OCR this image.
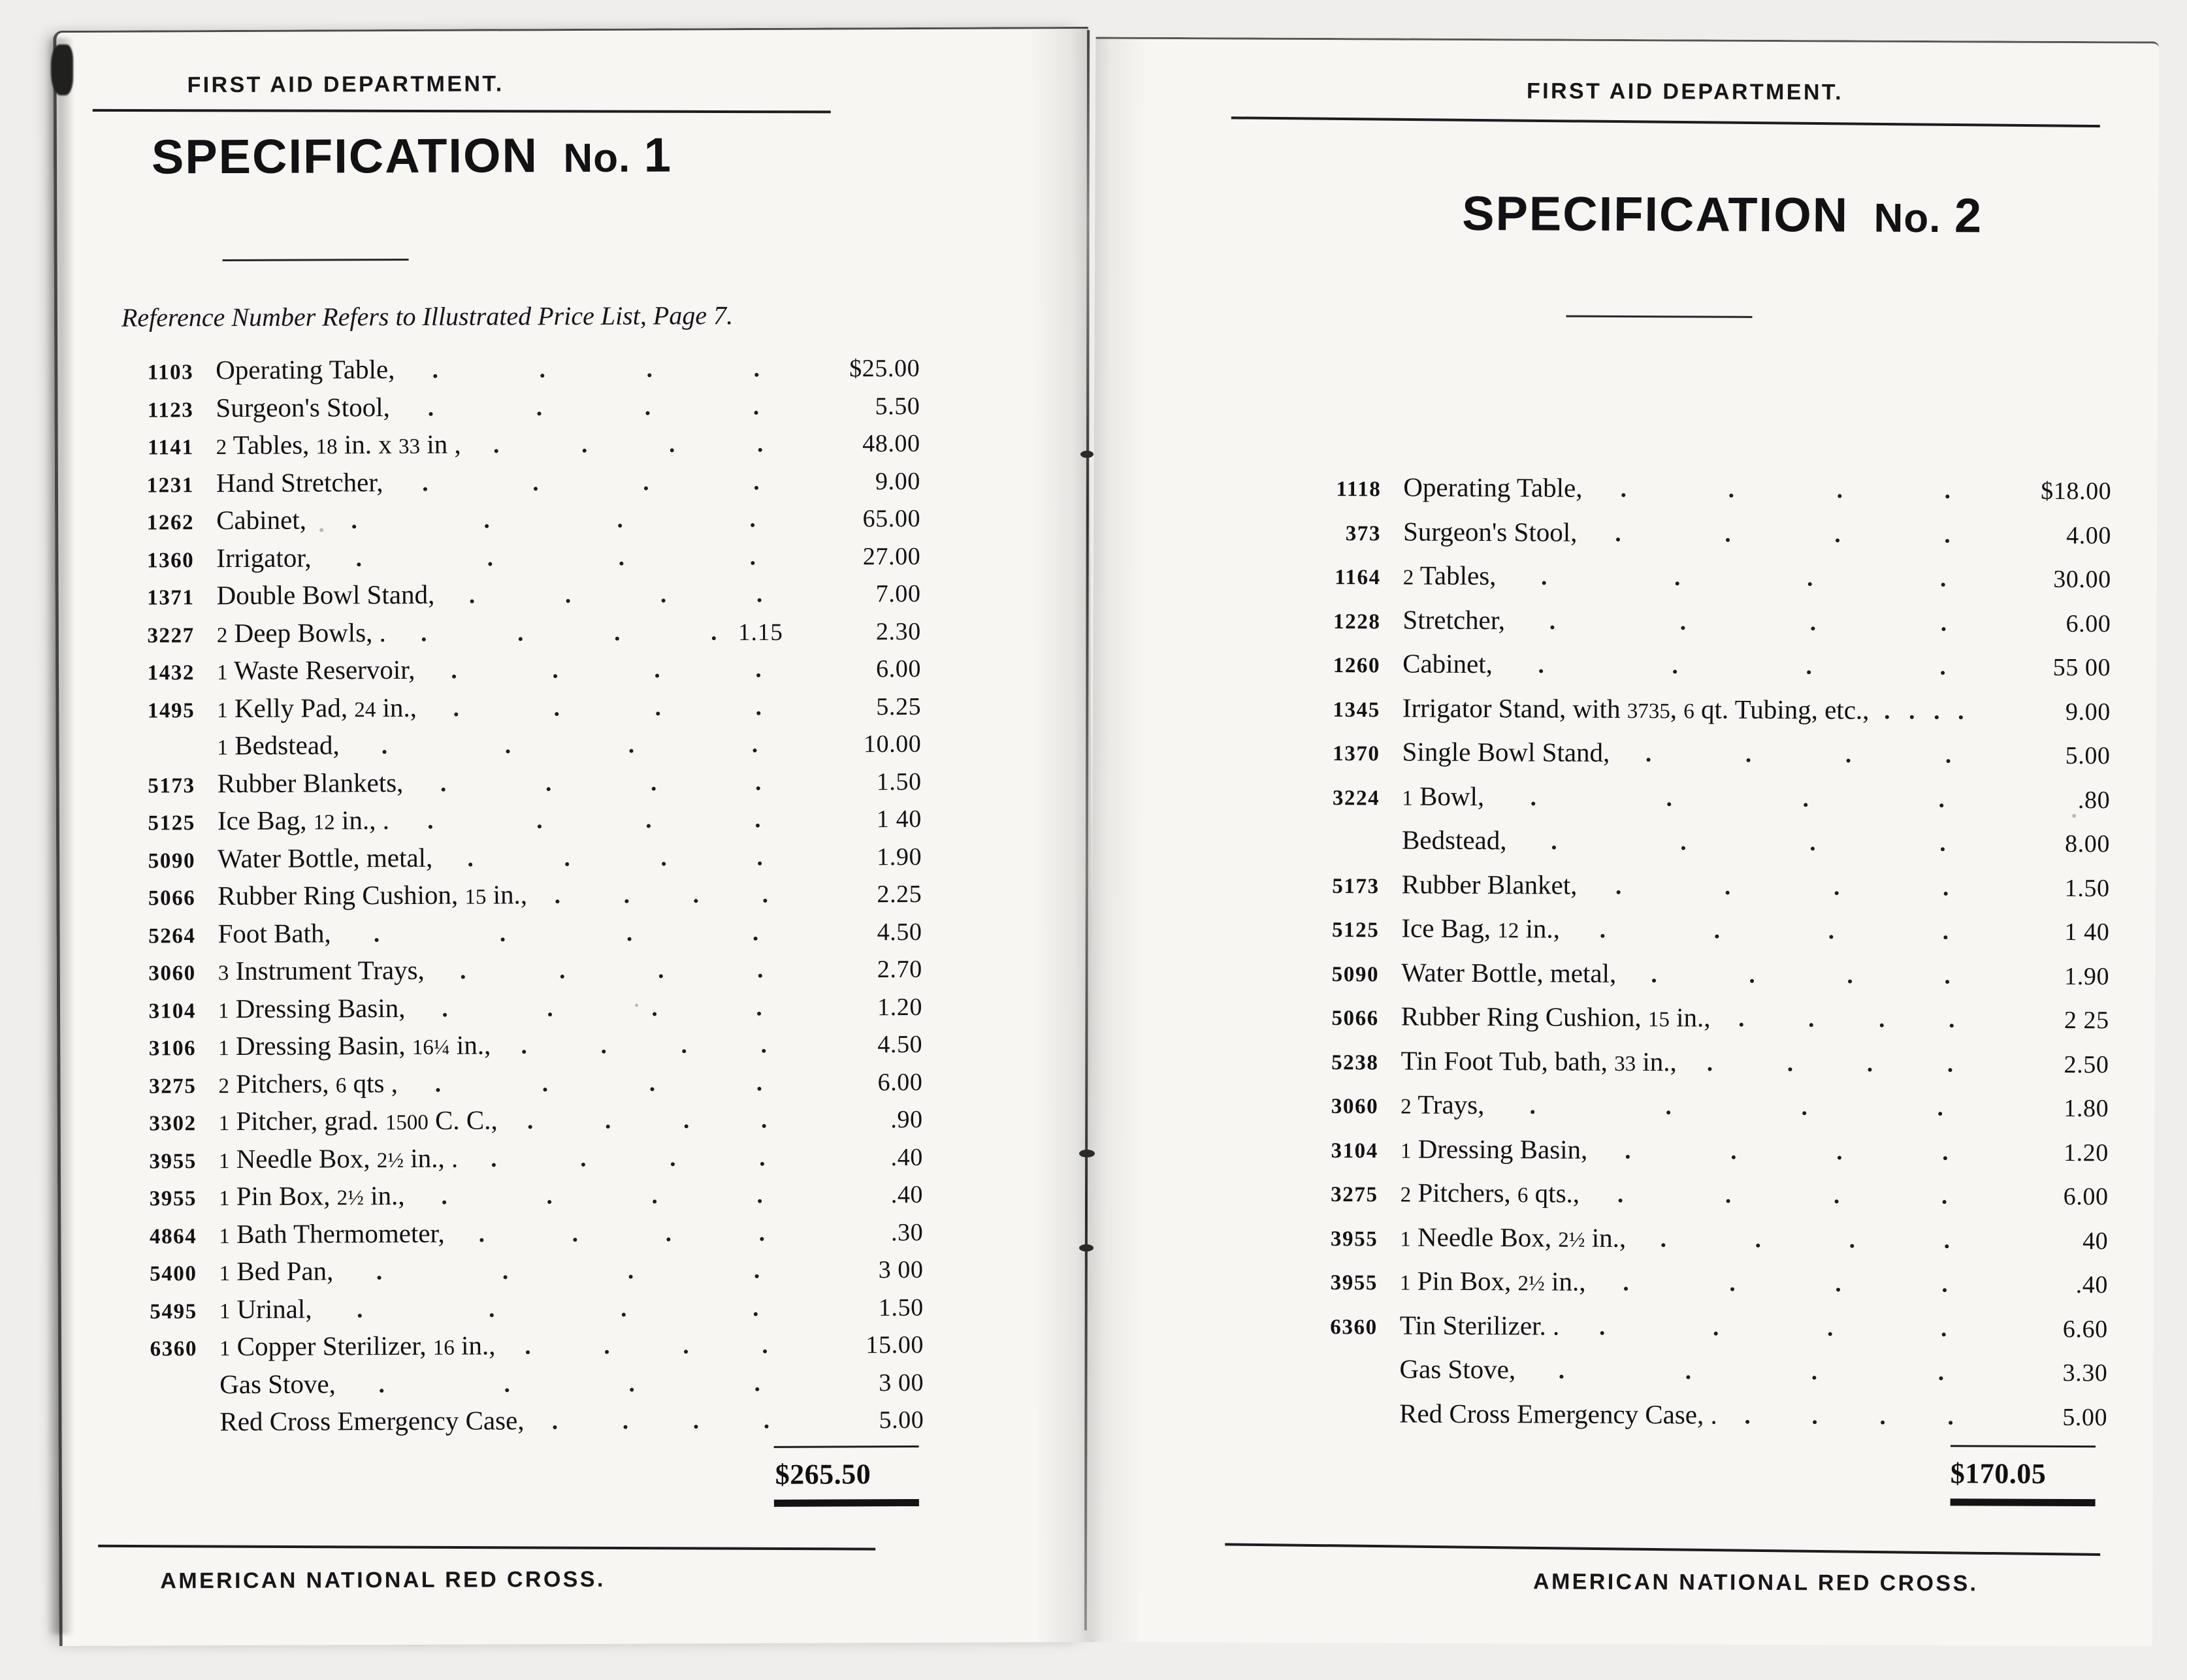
FIRST AID DEPARTMENT.
SPECIFICATION No. 1
Reference Number Refers to Illustrated Price List, Page 7.
1103 Operating Table,	$25.00
1123 Surgeon's Stool,	5.50
1141 2 Tables, 18 in. x 33 in ,	48.00
1231 Hand Stretcher,	9.00
1262 Cabinet,	65.00
1360 Irrigator,	27.00
1371 Double Bowl Stand,	7.00
3227 2 Deep Bowls, .	1.15	2.30
1432 1 Waste Reservoir,	6.00
1495 1 Kelly Pad, 24 in.,	5.25
1 Bedstead,	10.00
5173 Rubber Blankets,	1.50
5125 Ice Bag, 12 in., .	1 40
5090 Water Bottle, metal,	1.90
5066 Rubber Ring Cushion, 15 in.,	2.25
5264 Foot Bath,	4.50
3060 3 Instrument Trays,	2.70
3104 1 Dressing Basin,	1.20
3106 1 Dressing Basin, 16¼ in.,	4.50
3275 2 Pitchers, 6 qts ,	6.00
3302 1 Pitcher, grad. 1500 C. C.,	.90
3955 1 Needle Box, 2½ in., .	.40
3955 1 Pin Box, 2½ in.,	.40
4864 1 Bath Thermometer,	.30
5400 1 Bed Pan,	3 00
5495 1 Urinal,	1.50
6360 1 Copper Sterilizer, 16 in.,	15.00
Gas Stove,	3 00
Red Cross Emergency Case,	5.00
$265.50
AMERICAN NATIONAL RED CROSS.
FIRST AID DEPARTMENT.
SPECIFICATION No. 2
1118 Operating Table,	$18.00
373 Surgeon's Stool,	4.00
1164 2 Tables,	30.00
1228 Stretcher,	6.00
1260 Cabinet,	55 00
1345 Irrigator Stand, with 3735, 6 qt. Tubing, etc.,	9.00
1370 Single Bowl Stand,	5.00
3224 1 Bowl,	.80
Bedstead,	8.00
5173 Rubber Blanket,	1.50
5125 Ice Bag, 12 in.,	1 40
5090 Water Bottle, metal,	1.90
5066 Rubber Ring Cushion, 15 in.,	2 25
5238 Tin Foot Tub, bath, 33 in.,	2.50
3060 2 Trays,	1.80
3104 1 Dressing Basin,	1.20
3275 2 Pitchers, 6 qts.,	6.00
3955 1 Needle Box, 2½ in.,	40
3955 1 Pin Box, 2½ in.,	.40
6360 Tin Sterilizer. .	6.60
Gas Stove,	3.30
Red Cross Emergency Case, .	5.00
$170.05
AMERICAN NATIONAL RED CROSS.
